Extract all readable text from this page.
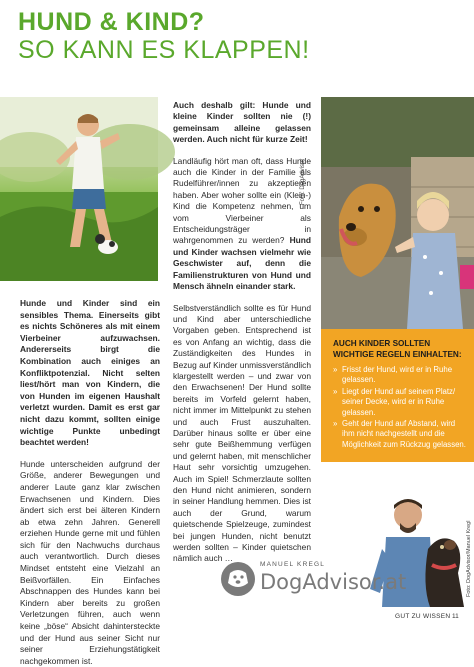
HUND & KIND?
SO KANN ES KLAPPEN!
Foto: DogAdvisor

Hunde und Kinder sind ein sensibles Thema. Einerseits gibt es nichts Schöneres als mit einem Vierbeiner aufzuwachsen. Andererseits birgt die Kombination auch einiges an Konfliktpotenzial. Nicht selten liest/hört man von Kindern, die von Hunden im eigenen Haushalt verletzt wurden. Damit es erst gar nicht dazu kommt, sollten einige wichtige Punkte unbedingt beachtet werden!

Hunde unterscheiden aufgrund der Größe, anderer Bewegungen und anderer Laute ganz klar zwischen Erwachsenen und Kindern. Dies ändert sich erst bei älteren Kindern ab etwa zehn Jahren. Generell erziehen Hunde gerne mit und fühlen sich für den Nachwuchs durchaus auch verantwortlich. Durch dieses Mindset entsteht eine Vielzahl an Beißvorfällen. Ein Einfaches Abschnappen des Hundes kann bei Kindern aber bereits zu großen Verletzungen führen, auch wenn keine „böse“ Absicht dahintersteckte und der Hund aus seiner Sicht nur seiner Erziehungstätigkeit nachgekommen ist.

Auch deshalb gilt: Hunde und kleine Kinder sollten nie (!) gemeinsam alleine gelassen werden. Auch nicht für kurze Zeit!

Landläufig hört man oft, dass Hunde auch die Kinder in der Familie als Rudelführer/innen zu akzeptieren haben. Aber woher sollte ein (Klein-) Kind die Kompetenz nehmen, um vom Vierbeiner als Entscheidungsträger in wahrgenommen zu werden? Hund und Kinder wachsen vielmehr wie Geschwister auf, denn die Familienstrukturen von Hund und Mensch ähneln einander stark.

Selbstverständlich sollte es für Hund und Kind aber unterschiedliche Vorgaben geben. Entsprechend ist es von Anfang an wichtig, dass die Zuständigkeiten des Hundes in Bezug auf Kinder unmissverständlich klargestellt werden – und zwar von den Erwachsenen! Der Hund sollte bereits im Vorfeld gelernt haben, nicht immer im Mittelpunkt zu stehen und auch Frust auszuhalten. Darüber hinaus sollte er über eine sehr gute Beißhemmung verfügen und gelernt haben, mit menschlicher Haut sehr vorsichtig umzugehen. Auch im Spiel! Schmerzlaute sollten den Hund nicht animieren, sondern in seiner Handlung hemmen. Dies ist auch der Grund, warum quietschende Spielzeuge, zumindest bei jungen Hunden, nicht benutzt werden sollten – Kinder quietschen nämlich auch …

AUCH KINDER SOLLTEN WICHTIGE REGELN EINHALTEN:
» Frisst der Hund, wird er in Ruhe gelassen.
» Liegt der Hund auf seinem Platz/ seiner Decke, wird er in Ruhe gelassen.
» Geht der Hund auf Abstand, wird ihm nicht nachgestellt und die Möglichkeit zum Rückzug gelassen.
Foto: DogAdvisor/Manuel Kregl
MANUEL KREGL
DogAdvisor.at
GUT ZU WISSEN 11
